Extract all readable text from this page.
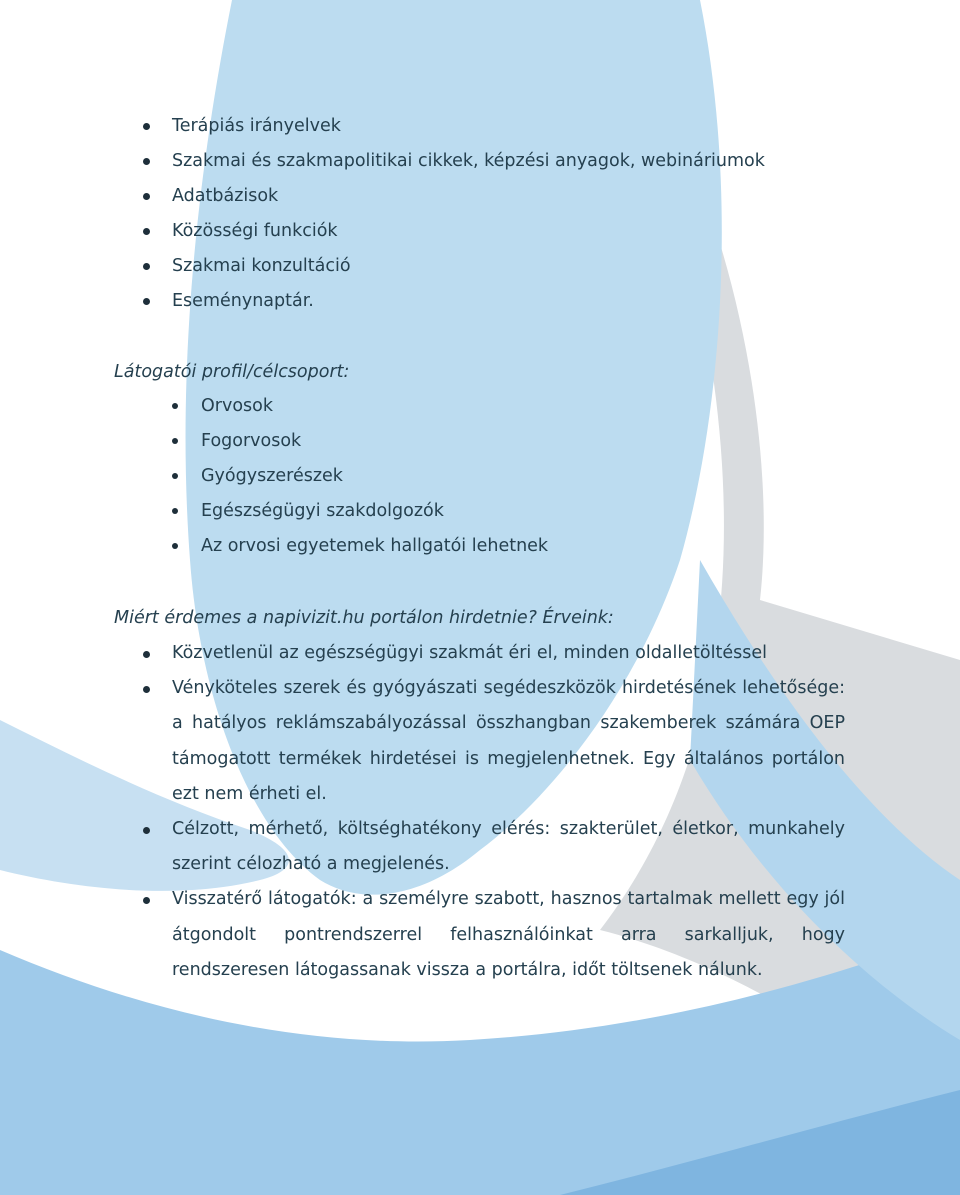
Terápiás irányelvek
Szakmai és szakmapolitikai cikkek, képzési anyagok, webináriumok
Adatbázisok
Közösségi funkciók
Szakmai konzultáció
Eseménynaptár.
Látogatói profil/célcsoport:
Orvosok
Fogorvosok
Gyógyszerészek
Egészségügyi szakdolgozók
Az orvosi egyetemek hallgatói lehetnek
Miért érdemes a napivizit.hu portálon hirdetnie? Érveink:
Közvetlenül az egészségügyi szakmát éri el, minden oldalletöltéssel
Vényköteles szerek és gyógyászati segédeszközök hirdetésének lehetősége: a hatályos reklámszabályozással összhangban szakemberek számára OEP támogatott termékek hirdetései is megjelenhetnek. Egy általános portálon ezt nem érheti el.
Célzott, mérhető, költséghatékony elérés: szakterület, életkor, munkahely szerint célozható a megjelenés.
Visszatérő látogatók: a személyre szabott, hasznos tartalmak mellett egy jól átgondolt pontrendszerrel felhasználóinkat arra sarkalljuk, hogy rendszeresen látogassanak vissza a portálra, időt töltsenek nálunk.
